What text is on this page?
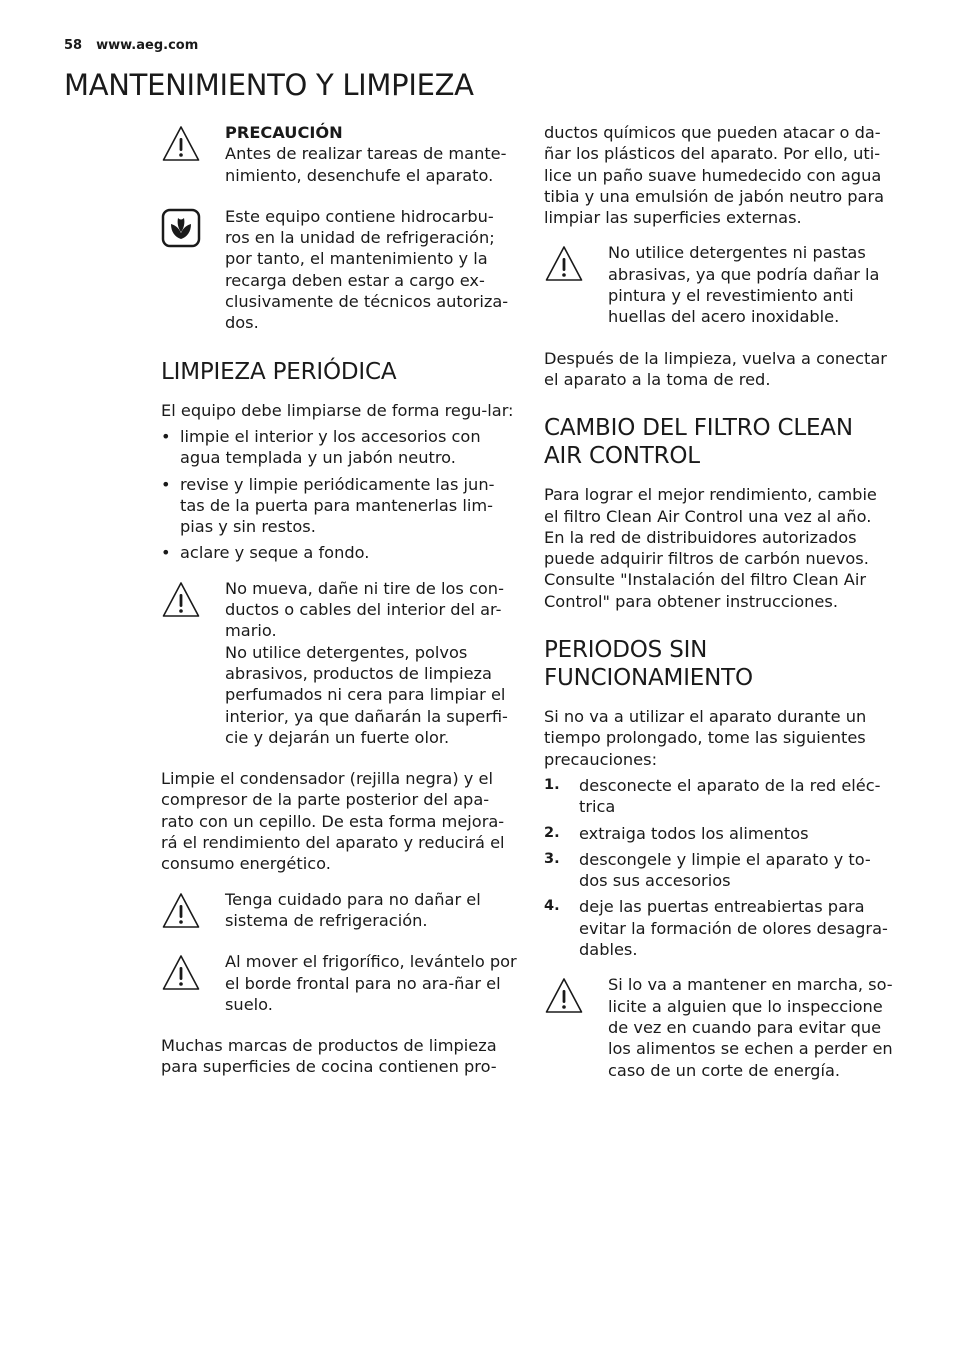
58 www.aeg.com
MANTENIMIENTO Y LIMPIEZA

PRECAUCIÓN

Antes de realizar tareas de mante-nimiento, desenchufe el aparato.

Este equipo contiene hidrocarbu-ros en la unidad de refrigeración; por tanto, el mantenimiento y la recarga deben estar a cargo ex-clusivamente de técnicos autoriza-dos.

LIMPIEZA PERIÓDICA

El equipo debe limpiarse de forma regu-lar:

• limpie el interior y los accesorios con agua templada y un jabón neutro.
• revise y limpie periódicamente las jun-tas de la puerta para mantenerlas lim-pias y sin restos.
• aclare y seque a fondo.

No mueva, dañe ni tire de los con-ductos o cables del interior del ar-mario.

No utilice detergentes, polvos abrasivos, productos de limpieza perfumados ni cera para limpiar el interior, ya que dañarán la superfi-cie y dejarán un fuerte olor.

Limpie el condensador (rejilla negra) y el compresor de la parte posterior del apa-rato con un cepillo. De esta forma mejora-rá el rendimiento del aparato y reducirá el consumo energético.

Tenga cuidado para no dañar el sistema de refrigeración.

Al mover el frigorífico, levántelo por el borde frontal para no ara-ñar el suelo.

Muchas marcas de productos de limpieza para superficies de cocina contienen pro-

ductos químicos que pueden atacar o da-ñar los plásticos del aparato. Por ello, uti-lice un paño suave humedecido con agua tibia y una emulsión de jabón neutro para limpiar las superficies externas.

No utilice detergentes ni pastas abrasivas, ya que podría dañar la pintura y el revestimiento anti huellas del acero inoxidable.

Después de la limpieza, vuelva a conectar el aparato a la toma de red.

CAMBIO DEL FILTRO CLEAN
AIR CONTROL

Para lograr el mejor rendimiento, cambie el filtro Clean Air Control una vez al año. En la red de distribuidores autorizados puede adquirir filtros de carbón nuevos. Consulte "Instalación del filtro Clean Air Control" para obtener instrucciones.

PERIODOS SIN
FUNCIONAMIENTO

Si no va a utilizar el aparato durante un tiempo prolongado, tome las siguientes precauciones:

1. desconecte el aparato de la red eléc-trica
2. extraiga todos los alimentos
3. descongele y limpie el aparato y to-dos sus accesorios
4. deje las puertas entreabiertas para evitar la formación de olores desagra-dables.

Si lo va a mantener en marcha, so-licite a alguien que lo inspeccione de vez en cuando para evitar que los alimentos se echen a perder en caso de un corte de energía.
